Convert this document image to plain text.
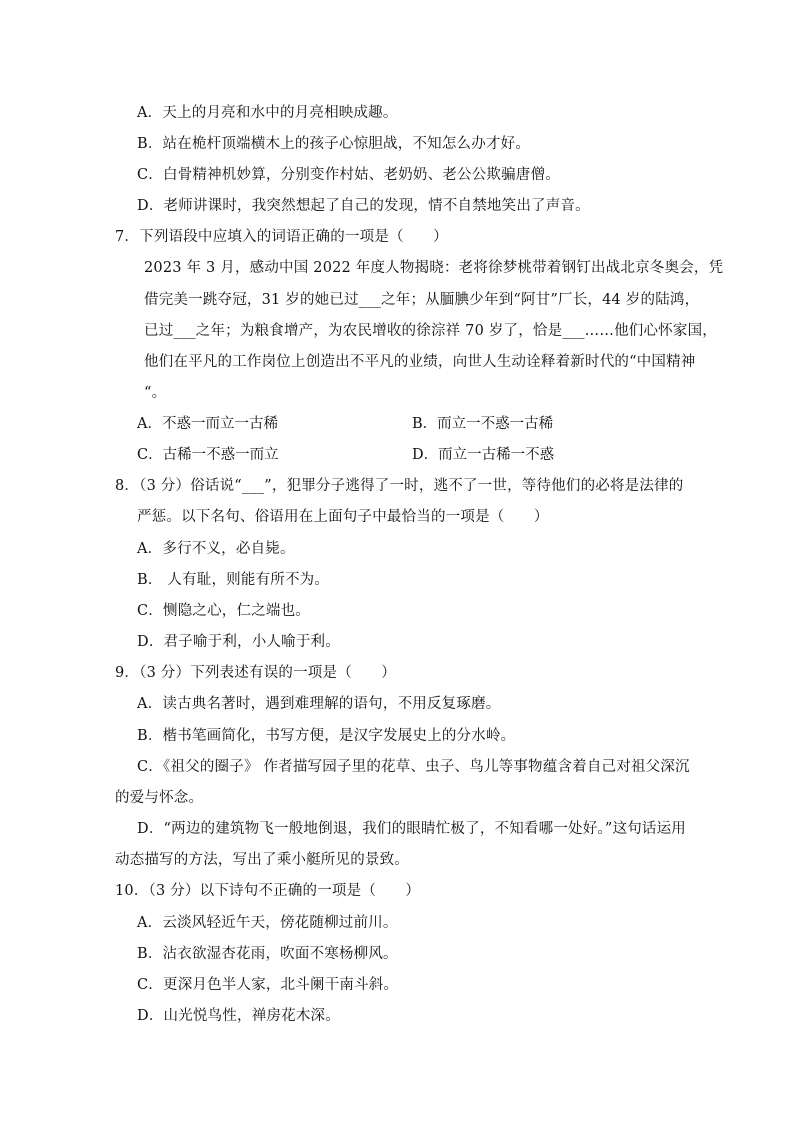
A．天上的月亮和水中的月亮相映成趣。
B．站在桅杆顶端横木上的孩子心惊胆战，不知怎么办才好。
C．白骨精神机妙算，分别变作村姑、老奶奶、老公公欺骗唐僧。
D．老师讲课时，我突然想起了自己的发现，情不自禁地笑出了声音。
7．下列语段中应填入的词语正确的一项是（　　）
2023 年 3 月，感动中国 2022 年度人物揭晓：老将徐梦桃带着钢钉出战北京冬奥会，凭
借完美一跳夺冠，31 岁的她已过___之年；从腼腆少年到“阿甘”厂长，44 岁的陆鸿，
已过___之年；为粮食增产，为农民增收的徐淙祥 70 岁了，恰是___……他们心怀家国，
他们在平凡的工作岗位上创造出不平凡的业绩，向世人生动诠释着新时代的“中国精神
“。
A．不惑一而立一古稀	B．而立一不惑一古稀
C．古稀一不惑一而立	D．而立一古稀一不惑
8．（3 分）俗话说“___”，犯罪分子逃得了一时，逃不了一世，等待他们的必将是法律的
严惩。以下名句、俗语用在上面句子中最恰当的一项是（　　）
A．多行不义，必自毙。
B． 人有耻，则能有所不为。
C．恻隐之心，仁之端也。
D．君子喻于利，小人喻于利。
9．（3 分）下列表述有误的一项是（　　）
A．读古典名著时，遇到难理解的语句，不用反复琢磨。
B．楷书笔画简化，书写方便，是汉字发展史上的分水岭。
C．《祖父的圈子》 作者描写园子里的花草、虫子、鸟儿等事物蕴含着自己对祖父深沉
的爱与怀念。
D．“两边的建筑物飞一般地倒退，我们的眼睛忙极了，不知看哪一处好。”这句话运用
动态描写的方法，写出了乘小艇所见的景致。
10．（3 分）以下诗句不正确的一项是（　　）
A．云淡风轻近午天，傍花随柳过前川。
B．沾衣欲湿杏花雨，吹面不寒杨柳风。
C．更深月色半人家，北斗阑干南斗斜。
D．山光悦鸟性，禅房花木深。
